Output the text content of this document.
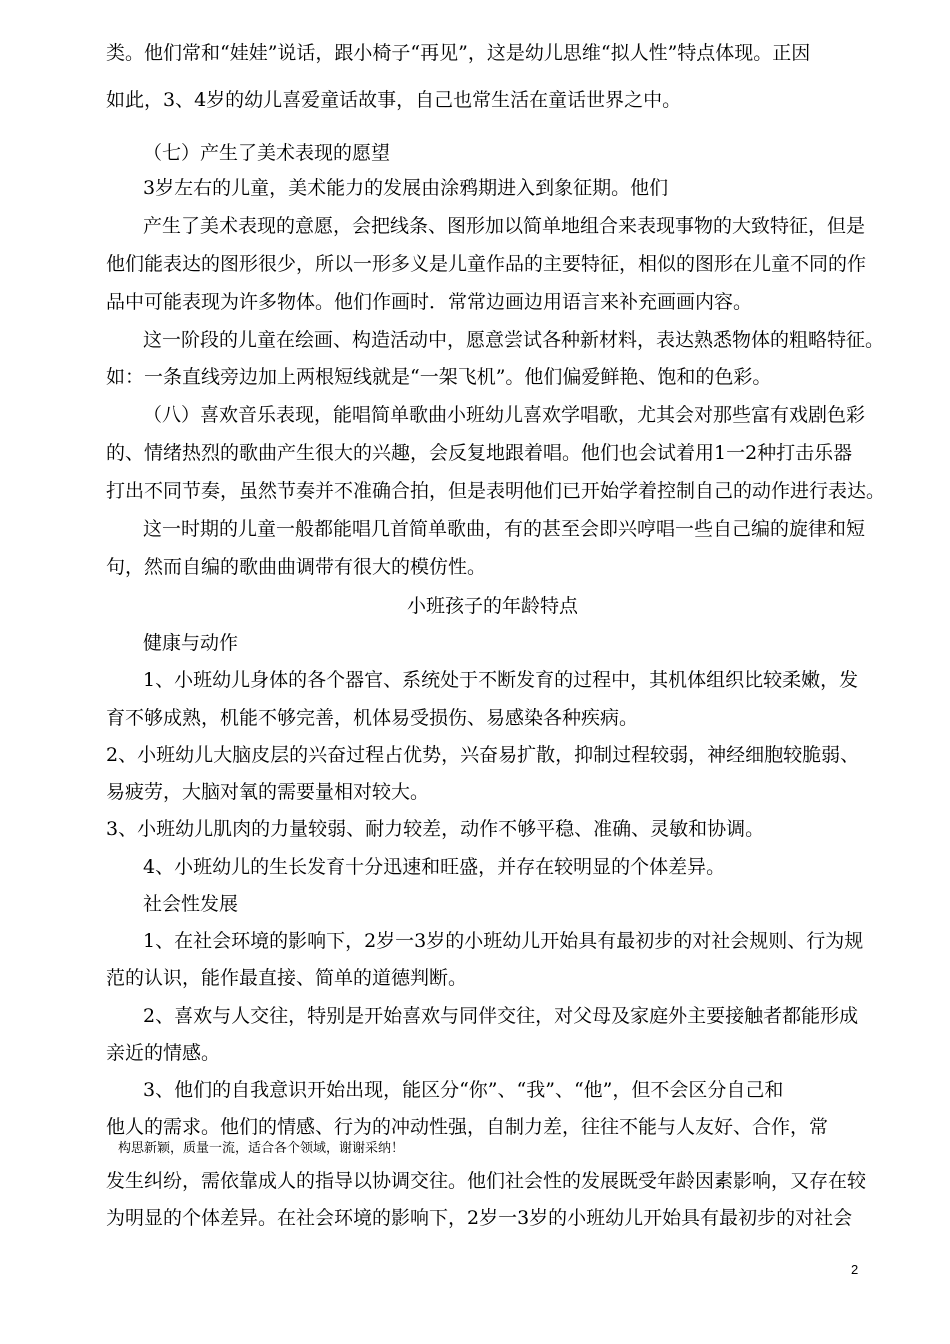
类。他们常和“娃娃”说话，跟小椅子“再见”，这是幼儿思维“拟人性”特点体现。正因
如此，3、4岁的幼儿喜爱童话故事，自己也常生活在童话世界之中。
（七）产生了美术表现的愿望
3岁左右的儿童，美术能力的发展由涂鸦期进入到象征期。他们
产生了美术表现的意愿，会把线条、图形加以简单地组合来表现事物的大致特征，但是
他们能表达的图形很少，所以一形多义是儿童作品的主要特征，相似的图形在儿童不同的作
品中可能表现为许多物体。他们作画时．常常边画边用语言来补充画画内容。
这一阶段的儿童在绘画、构造活动中，愿意尝试各种新材料，表达熟悉物体的粗略特征。
如：一条直线旁边加上两根短线就是“一架飞机”。他们偏爱鲜艳、饱和的色彩。
（八）喜欢音乐表现，能唱简单歌曲小班幼儿喜欢学唱歌，尤其会对那些富有戏剧色彩
的、情绪热烈的歌曲产生很大的兴趣，会反复地跟着唱。他们也会试着用1一2种打击乐器
打出不同节奏，虽然节奏并不准确合拍，但是表明他们已开始学着控制自己的动作进行表达。
这一时期的儿童一般都能唱几首简单歌曲，有的甚至会即兴哼唱一些自己编的旋律和短
句，然而自编的歌曲曲调带有很大的模仿性。
小班孩子的年龄特点
健康与动作
1、小班幼儿身体的各个器官、系统处于不断发育的过程中，其机体组织比较柔嫩，发
育不够成熟，机能不够完善，机体易受损伤、易感染各种疾病。
2、小班幼儿大脑皮层的兴奋过程占优势，兴奋易扩散，抑制过程较弱，神经细胞较脆弱、
易疲劳，大脑对氧的需要量相对较大。
3、小班幼儿肌肉的力量较弱、耐力较差，动作不够平稳、准确、灵敏和协调。
4、小班幼儿的生长发育十分迅速和旺盛，并存在较明显的个体差异。
社会性发展
1、在社会环境的影响下，2岁一3岁的小班幼儿开始具有最初步的对社会规则、行为规
范的认识，能作最直接、简单的道德判断。
2、喜欢与人交往，特别是开始喜欢与同伴交往，对父母及家庭外主要接触者都能形成
亲近的情感。
3、他们的自我意识开始出现，能区分“你”、“我”、“他”，但不会区分自己和
他人的需求。他们的情感、行为的冲动性强，自制力差，往往不能与人友好、合作，常
构思新颖，质量一流，适合各个领域，谢谢采纳！
发生纠纷，需依靠成人的指导以协调交往。他们社会性的发展既受年龄因素影响，又存在较
为明显的个体差异。在社会环境的影响下，2岁一3岁的小班幼儿开始具有最初步的对社会
2
